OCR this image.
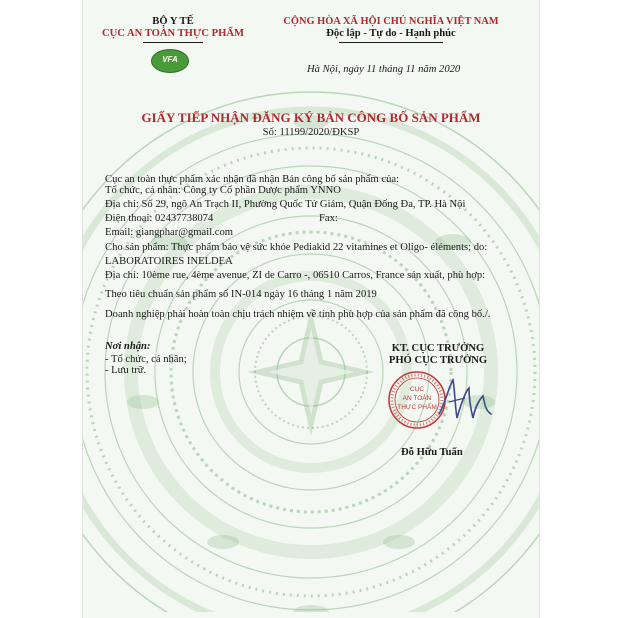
BỘ Y TẾ
CỤC AN TOÀN THỰC PHẨM
VFA
CỘNG HÒA XÃ HỘI CHỦ NGHĨA VIỆT NAM
Độc lập - Tự do - Hạnh phúc
Hà Nội, ngày 11 tháng 11 năm 2020
GIẤY TIẾP NHẬN ĐĂNG KÝ BẢN CÔNG BỐ SẢN PHẨM
Số: 11199/2020/ĐKSP
Cục an toàn thực phẩm xác nhận đã nhận Bản công bố sản phẩm của:
Tổ chức, cá nhân: Công ty Cổ phần Dược phẩm YNNO
Địa chỉ: Số 29, ngõ An Trạch II, Phường Quốc Tử Giám, Quận Đống Đa, TP. Hà Nội
Điện thoại: 02437738074	Fax:
Email: giangphar@gmail.com
Cho sản phẩm: Thực phẩm bảo vệ sức khỏe Pediakid 22 vitamines et Oligo- éléments; do:
LABORATOIRES INELDEA
Địa chỉ: 10ème rue, 4ème avenue, ZI de Carro -, 06510 Carros, France sản xuất, phù hợp:
Theo tiêu chuẩn sản phẩm số IN-014 ngày 16 tháng 1 năm 2019
Doanh nghiệp phải hoàn toàn chịu trách nhiệm về tính phù hợp của sản phẩm đã công bố./.
Nơi nhận:
- Tổ chức, cá nhân;
- Lưu trữ.
KT. CỤC TRƯỞNG
PHÓ CỤC TRƯỞNG
CỤC
AN TOÀN
THỰC PHẨM
Đỗ Hữu Tuấn
